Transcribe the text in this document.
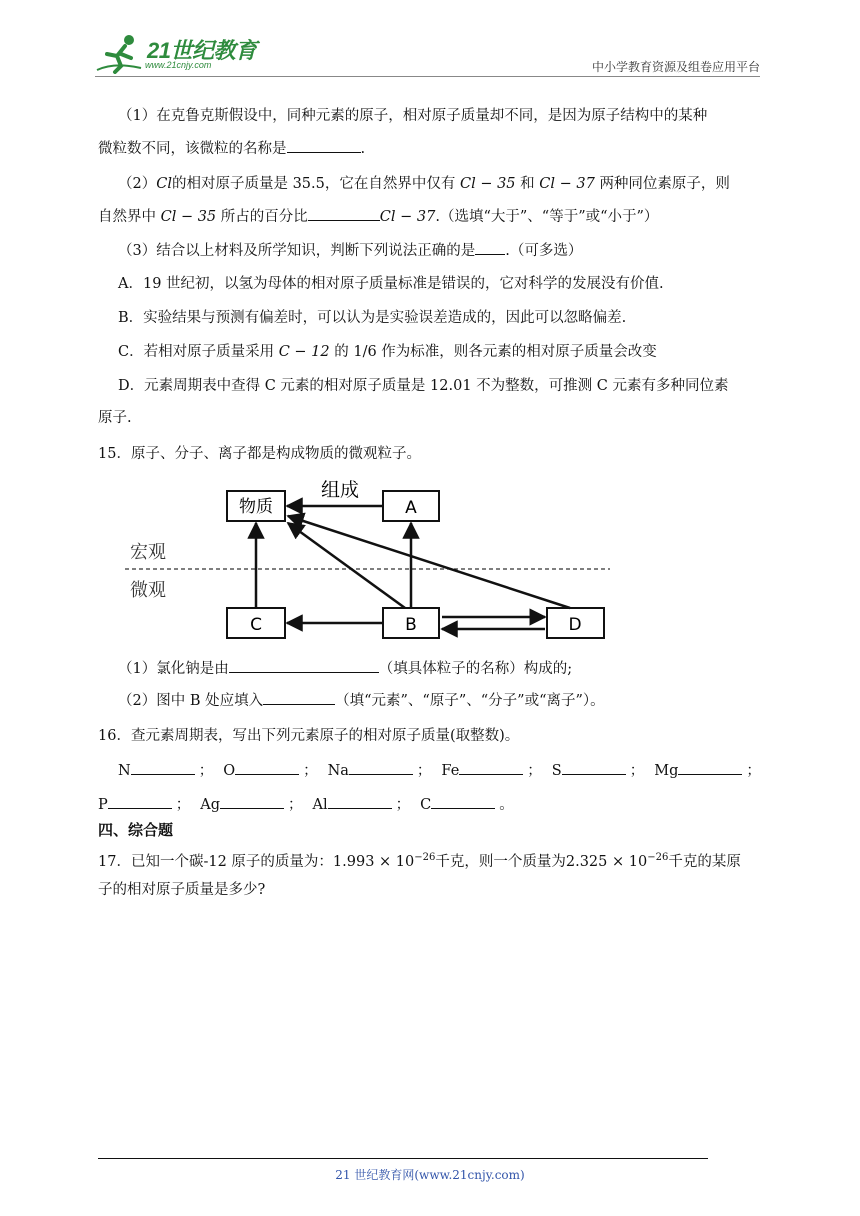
21世纪教育
www.21cnjy.com	中小学教育资源及组卷应用平台
（1）在克鲁克斯假设中，同种元素的原子，相对原子质量却不同，是因为原子结构中的某种
微粒数不同，该微粒的名称是	.
（2）Cl的相对原子质量是 35.5，它在自然界中仅有 Cl − 35 和 Cl − 37 两种同位素原子，则
自然界中 Cl − 35 所占的百分比	Cl − 37.（选填“大于”、“等于”或“小于”）
（3）结合以上材料及所学知识，判断下列说法正确的是 .（可多选）
A．19 世纪初，以氢为母体的相对原子质量标准是错误的，它对科学的发展没有价值.
B．实验结果与预测有偏差时，可以认为是实验误差造成的，因此可以忽略偏差.
C．若相对原子质量采用 C − 12 的 1/6 作为标准，则各元素的相对原子质量会改变
D．元素周期表中查得 C 元素的相对原子质量是 12.01 不为整数，可推测 C 元素有多种同位素
原子.
15．原子、分子、离子都是构成物质的微观粒子。
物质	A
C	B	D
组成
宏观
微观
（1）氯化钠是由	（填具体粒子的名称）构成的;
（2）图中 B 处应填入	（填“元素”、“原子”、“分子”或“离子”）。
16．查元素周期表，写出下列元素原子的相对原子质量(取整数)。
N	； O	； Na	； Fe	； S	； Mg	；
P	； Ag	； Al	； C	。
四、综合题
17．已知一个碳-12 原子的质量为：$1.993 \times 10^{-26}$千克，则一个质量为$2.325 \times 10^{-26}$千克的某原
子的相对原子质量是多少?
21 世纪教育网(www.21cnjy.com)
